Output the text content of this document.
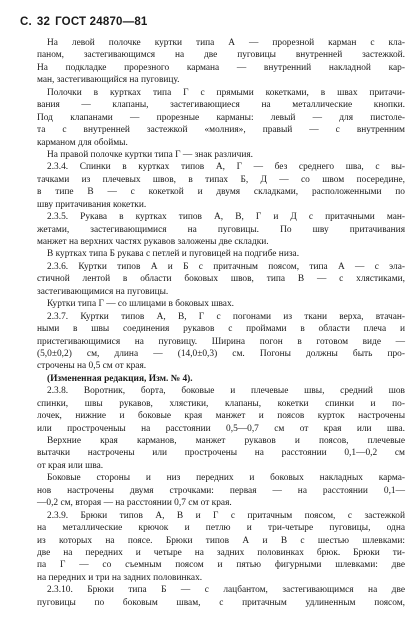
С. 32 ГОСТ 24870—81
На левой полочке куртки типа А — прорезной карман с кла-
паном, застегивающимся на две пуговицы внутренней застежкой.
На подкладке прорезного кармана — внутренний накладной кар-
ман, застегивающийся на пуговицу.
Полочки в куртках типа Г с прямыми кокетками, в швах притачи-
вания — клапаны, застегивающиеся на металлические кнопки.
Под клапанами — прорезные карманы: левый — для пистоле-
та с внутренней застежкой «молния», правый — с внутренним
карманом для обоймы.
На правой полочке куртки типа Г — знак различия.
2.3.4. Спинки в куртках типов А, Г — без среднего шва, с вы-
тачками из плечевых швов, в типах Б, Д — со швом посередине,
в типе В — с кокеткой и двумя складками, расположенными по
шву притачивания кокетки.
2.3.5. Рукава в куртках типов А, В, Г и Д с притачными ман-
жетами, застегивающимися на пуговицы. По шву притачивания
манжет на верхних частях рукавов заложены две складки.
В куртках типа Б рукава с петлей и пуговицей на подгибе низа.
2.3.6. Куртки типов А и Б с притачным поясом, типа А — с эла-
стичной лентой в области боковых швов, типа В — с хлястиками,
застегивающимися на пуговицы.
Куртки типа Г — со шлицами в боковых швах.
2.3.7. Куртки типов А, В, Г с погонами из ткани верха, втачан-
ными в швы соединения рукавов с проймами в области плеча и
пристегивающимися на пуговицу. Ширина погон в готовом виде —
(5,0±0,2) см, длина — (14,0±0,3) см. Погоны должны быть про-
строчены на 0,5 см от края.
(Измененная редакция, Изм. № 4).
2.3.8. Воротник, борта, боковые и плечевые швы, средний шов
спинки, швы рукавов, хлястики, клапаны, кокетки спинки и по-
лочек, нижние и боковые края манжет и поясов курток настрочены
или простроченыы на расстоянии 0,5—0,7 см от края или шва.
Верхние края карманов, манжет рукавов и поясов, плечевые
вытачки настрочены или прострочены на расстоянии 0,1—0,2 см
от края или шва.
Боковые стороны и низ передних и боковых накладных карма-
нов настрочены двумя строчками: первая — на расстоянии 0,1—
—0,2 см, вторая — на расстоянии 0,7 см от края.
2.3.9. Брюки типов А, В и Г с притачным поясом, с застежкой
на металлические крючок и петлю и три-четыре пуговицы, одна
из которых на поясе. Брюки типов А и В с шестью шлевками:
две на передних и четыре на задних половинках брюк. Брюки ти-
па Г — со съемным поясом и пятью фигурными шлевками: две
на передних и три на задних половинках.
2.3.10. Брюки типа Б — с лацбантом, застегивающимся на две
пуговицы по боковым швам, с притачным удлиненным поясом,
